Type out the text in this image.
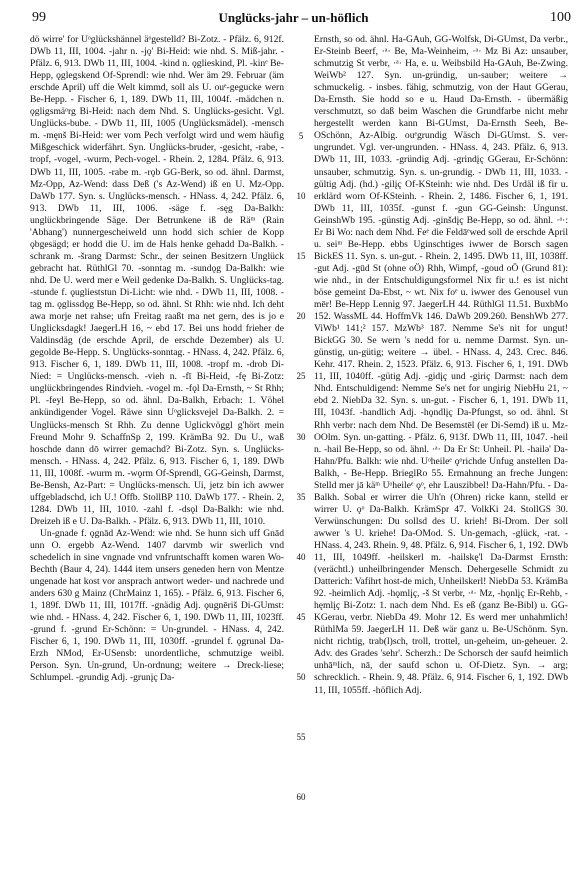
99	Unglücks-jahr – un-höflich	100

dö wirre' for Uᵒglückshännel äᵒgestelld? Bi-Zotz. - Pfälz. 6, 912f. DWb 11, III, 1004. -jahr n. -jǫ' Bi-Heid: wie nhd. S. Miß-jahr. - Pfälz. 6, 913. DWb 11, III, 1004. -kind n. ǫglieskind, Pl. -kinᵉ Be-Hepp, ǫglegskend Of-Sprendl: wie nhd. Wer äm 29. Februar (äm erschde April) uff die Welt kimmd, soll als U. ouᵉ-gegucke wern Be-Hepp. - Fischer 6, 1, 189. DWb 11, III, 1004f. -mädchen n. ǫgligsmäᵒrg Bi-Heid: nach dem Nhd. S. Unglücks-gesicht. Vgl. Unglücks-bube. - DWb 11, III, 1005 (Unglücksmädel). -mensch m. -męnš Bi-Heid: wer vom Pech verfolgt wird und wem häufig Mißgeschick widerfährt. Syn. Unglücks-bruder, -gesicht, -rabe, -tropf, -vogel, -wurm, Pech-vogel. - Rhein. 2, 1284. Pfälz. 6, 913. DWb 11, III, 1005. -rabe m. -rǫb GG-Berk, so od. ähnl. Darmst, Mz-Opp, Az-Wend: dass Deß ('s Az-Wend) iß en U. Mz-Opp. DaWb 177. Syn. s. Unglücks-mensch. - HNass. 4, 242. Pfälz. 6, 913. DWb 11, III, 1006. -säge f. -sęg Da-Balkh: unglückbringende Säge. Der Betrunkene iß de Räᵐ (Rain 'Abhang') nunnergescheiweld unn hodd sich schier de Kopp ǫbgesägd; er hodd die U. im de Hals henke gehadd Da-Balkh. -schrank m. -šrang Darmst: Schr., der seinen Besitzern Unglück gebracht hat. RüthlGl 70. -sonntag m. -sundǫg Da-Balkh: wie nhd. De U. werd mer e Weil gedenke Da-Balkh. S. Unglücks-tag. -stunde f. ǫuglieststun Di-Licht: wie nhd. - DWb 11, III, 1008. -tag m. ǫglissdǫg Be-Hepp, so od. ähnl. St Rhh: wie nhd. Ich deht awa morje net rahse; ufn Freitag raaßt ma net gern, des is jo e Unglicksdagk! JaegerLH 16, ~ ebd 17. Bei uns hodd frieher de Valdinsdäg (de erschde April, de erschde Dezember) als U. gegolde Be-Hepp. S. Unglücks-sonntag. - HNass. 4, 242. Pfälz. 6, 913. Fischer 6, 1, 189. DWb 11, III, 1008. -tropf m. -drob Di-Nied: = Unglücks-mensch. -vieh n. -fī Bi-Heid, -fę Bi-Zotz: unglückbringendes Rindvieh. -vogel m. -fǫl Da-Ernsth, ~ St Rhh; Pl. -feyl Be-Hepp, so od. ähnl. Da-Balkh, Erbach: 1. Vöhel ankündigender Vogel. Räwe sinn Uᵒglicksvejel Da-Balkh. 2. = Unglücks-mensch St Rhh. Zu denne Uglickvöggl g'hört mein Freund Mohr 9. SchaffnSp 2, 199. KrämBa 92. Du U., waß hoschde dann dō wirrer gemachd? Bi-Zotz. Syn. s. Unglücks-mensch. - HNass. 4, 242. Pfälz. 6, 913. Fischer 6, 1, 189. DWb 11, III, 1008f. -wurm m. -wǫrm Of-Sprendl, GG-Geinsh, Darmst, Be-Bensh, Az-Part: = Unglücks-mensch. Ui, jetz bin ich awwer uffgebladschd, ich U.! Offb. StollBP 110. DaWb 177. - Rhein. 2, 1284. DWb 11, III, 1010. -zahl f. -dsǫl Da-Balkh: wie nhd. Dreizeh iß e U. Da-Balkh. - Pfälz. 6, 913. DWb 11, III, 1010.

Un-gnade f. ǫgnād Az-Wend: wie nhd. Se hunn sich uff Gnād unn O. ergebb Az-Wend. 1407 darvmb wir swerlich vnd schedelich in sine vngnade vnd vnfruntschafft komen waren Wo-Bechth (Baur 4, 24). 1444 item unsers geneden hern von Mentze ungenade hat kost vor ansprach antwort weder- und nachrede und anders 630 g Mainz (ChrMainz 1, 165). - Pfälz. 6, 913. Fischer 6, 1, 189f. DWb 11, III, 1017ff. -gnädig Adj. ǫugnēriš Di-GUmst: wie nhd. - HNass. 4, 242. Fischer 6, 1, 190. DWb 11, III, 1023ff. -grund f. -grund Er-Schönn: = Un-grundel. - HNass. 4, 242. Fischer 6, 1, 190. DWb 11, III, 1030ff. -grundel f. ǫgrunǝl Da-Erzh NMod, Er-USensb: unordentliche, schmutzige weibl. Person. Syn. Un-grund, Un-ordnung; weitere → Dreck-liese; Schlumpel. -grundig Adj. -grunįç Da-

5
10
15
20
25
30
35
40
45
50
55
60

Ernsth, so od. ähnl. Ha-GAuh, GG-Wolfsk, Di-GUmst, Da verbr., Er-Steinb Beerf, ·ᵃ· Be, Ma-Weinheim, ·ᵃ· Mz Bi Az: unsauber, schmutzig St verbr, ·ᵃ· Ha, e. u. Weibsbild Ha-GAuh, Be-Zwing. WeiWb² 127. Syn. un-gründig, un-sauber; weitere → schmuckelig. - insbes. fähig, schmutzig, von der Haut GGerau, Da-Ernsth. Sie hodd so e u. Haud Da-Ernsth. - übermäßig verschmutzt, so daß beim Waschen die Grundfarbe nicht mehr hergestellt werden kann Bi-GUmst, Da-Ernsth Seeh, Be-OSchönn, Az-Albig. ouᵉgrundig Wäsch Di-GUmst. S. ver-ungrundet. Vgl. ver-ungrunden. - HNass. 4, 243. Pfälz. 6, 913. DWb 11, III, 1033. -gründig Adj. -grindįç GGerau, Er-Schönn: unsauber, schmutzig. Syn. s. un-grundig. - DWb 11, III, 1033. -gültig Adj. (hd.) -gilįç Of-KSteinh: wie nhd. Des Urdäl iß fir u. erklärd worn Of-KSteinh. - Rhein. 2, 1486. Fischer 6, 1, 191. DWb 11, III, 1035f. -gunst f. -gun GG-Geinsh: Ungunst. GeinshWb 195. -günstig Adj. -ginšdįç Be-Hepp, so od. ähnl. ·ᵃ·: Er Bi Wo: nach dem Nhd. Feᵉ die Feldāᵉwed soll de erschde April u. seiᵐ Be-Hepp. ebbs Uginschtiges iwwer de Borsch sagen BickES 11. Syn. s. un-gut. - Rhein. 2, 1495. DWb 11, III, 1038ff. -gut Adj. -gūd St (ohne oÖ) Rhh, Wimpf, -goud oÖ (Grund 81): wie nhd., in der Entschuldigungsformel Nix fir u.! es ist nicht böse gemeint Da-Ebst, ~ wt. Nix foᵉ u. iwwer des Genousel vun mēr! Be-Hepp Lennig 97. JaegerLH 44. RüthlGl 11.51. BuxbMo 152. WassML 44. HoffmVk 146. DaWb 209.260. BenshWb 277. ViWb¹ 141;² 157. MzWb³ 187. Nemme Se's nit for ungut! BickGG 30. Se wern 's nedd for u. nemme Darmst. Syn. un-günstig, un-gütig; weitere → übel. - HNass. 4, 243. Crec. 846. Kehr. 417. Rhein. 2, 1523. Pfälz. 6, 913. Fischer 6, 1, 191. DWb 11, III, 1040ff. -gütig Adj. -gidįç und -giriç Darmst: nach dem Nhd. Entschuldigend: Nemme Se's net for ungirig NiebHu 21, ~ ebd 2. NiebDa 32. Syn. s. un-gut. - Fischer 6, 1, 191. DWb 11, III, 1043f. -handlich Adj. -hǫndlįç Da-Pfungst, so od. ähnl. St Rhh verbr: nach dem Nhd. De Besemstēl (er Di-Semd) iß u. Mz-OOlm. Syn. un-gatting. - Pfälz. 6, 913f. DWb 11, III, 1047. -heil n. -hail Be-Hepp, so od. ähnl. ·ᵃ· Da Er St: Unheil. Pl. -hailǝ' Da-Hahn/Pfu. Balkh: wie nhd. Uᵒheileᵉ ǫᵒrichde Unfug anstellen Da-Balkh, - Be-Hepp. BrieglRo 55. Ermahnung an freche Jungen: Stelld mer jā käᵐ Uᵒheileᵉ ǫᵒ, ehr Lauszibbel! Da-Hahn/Pfu. - Da-Balkh. Sobal er wirrer die Uh'n (Ohren) ricke kann, stelld er wirrer U. ǫᵒ Da-Balkh. KrämSpr 47. VolkKi 24. StollGS 30. Verwünschungen: Du sollsd des U. krieh! Bi-Drom. Der soll awwer 's U. kriehe! Da-OMod. S. Un-gemach, -glück, -rat. - HNass. 4, 243. Rhein. 9, 48. Pfälz. 6, 914. Fischer 6, 1, 192. DWb 11, III, 1049ff. -heilskerl m. -hailskę'l Da-Darmst Ernsth: (verächtl.) unheilbringender Mensch. Dehergeselle Schmidt zu Datterich: Vafihrt host-de mich, Unheilskerl! NiebDa 53. KrämBa 92. -heimlich Adj. -hǫmlįç, -š St verbr, ·ᵃ· Mz, -hǫnlįç Er-Rehb, -hęmlįç Bi-Zotz: 1. nach dem Nhd. Es eß (ganz Be-Bibl) u. GG-KGerau, verbr. NiebDa 49. Mohr 12. Es werd mer unhahmlich! RüthlMa 59. JaegerLH 11. Deß wär ganz u. Be-USchönm. Syn. nicht richtig, trab(l)sch, troll, trottel, un-geheim, un-geheuer. 2. Adv. des Grades 'sehr'. Scherzh.: De Schorsch der saufd heimlich unhāᵐlich, nā, der saufd schon u. Of-Dietz. Syn. → arg; schrecklich. - Rhein. 9, 48. Pfälz. 6, 914. Fischer 6, 1, 192. DWb 11, III, 1055ff. -höflich Adj.
